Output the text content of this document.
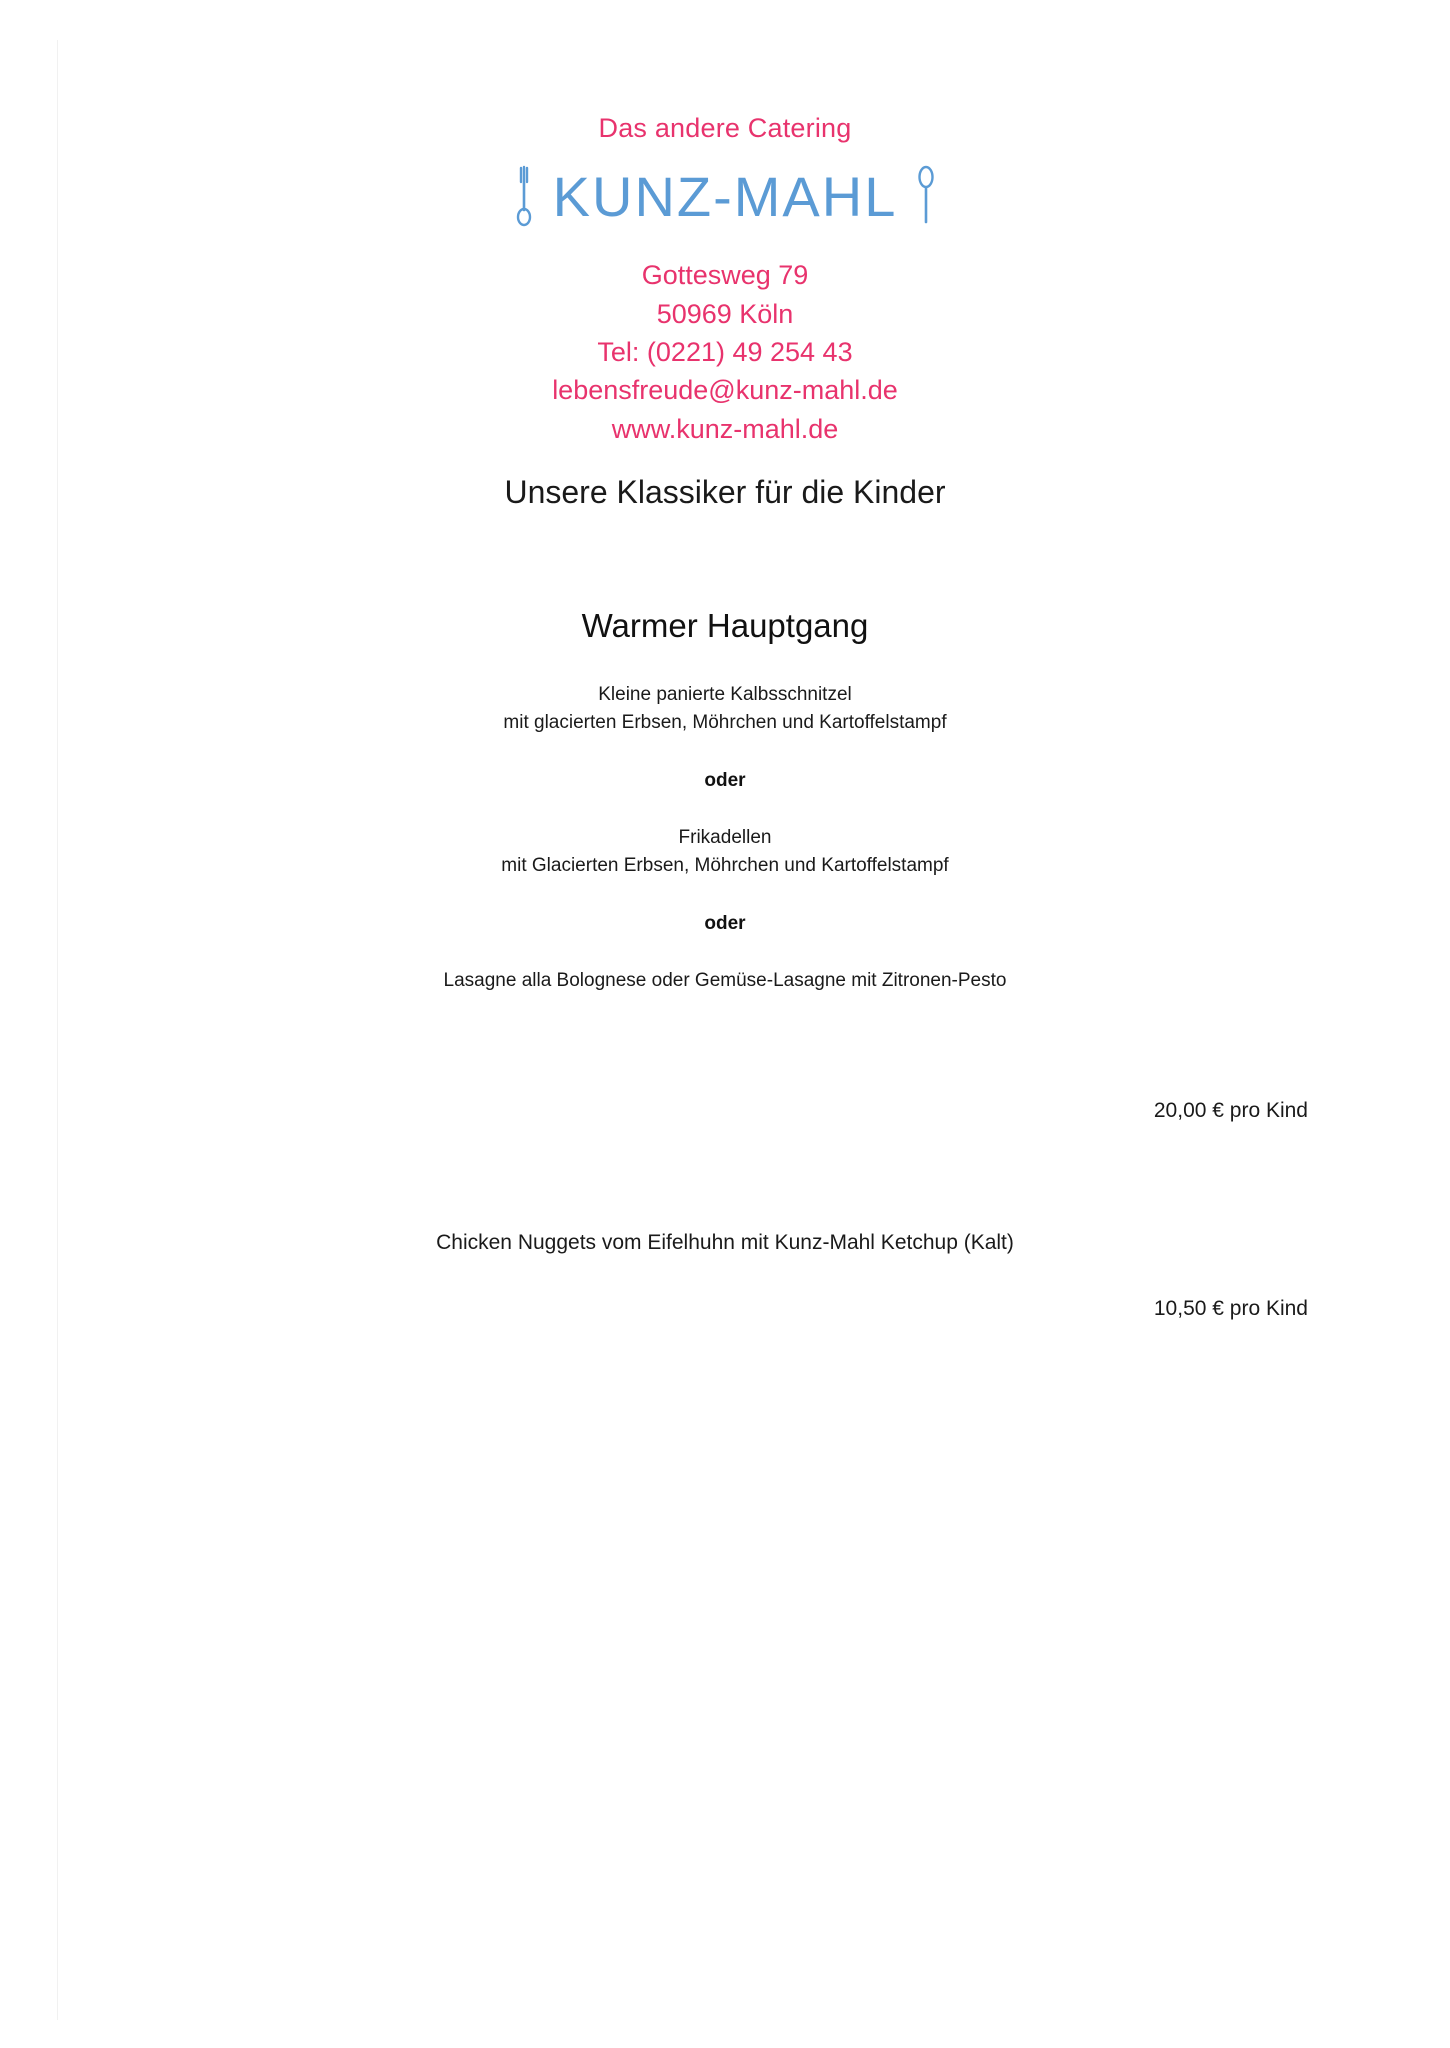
Das andere Catering
KUNZ-MAHL
Gottesweg 79
50969 Köln
Tel: (0221) 49 254 43
lebensfreude@kunz-mahl.de
www.kunz-mahl.de
Unsere Klassiker für die Kinder
Warmer Hauptgang
Kleine panierte Kalbsschnitzel
mit glacierten Erbsen, Möhrchen und Kartoffelstampf
oder
Frikadellen
mit Glacierten Erbsen, Möhrchen und Kartoffelstampf
oder
Lasagne alla Bolognese oder Gemüse-Lasagne mit Zitronen-Pesto
20,00 € pro Kind
Chicken Nuggets vom Eifelhuhn mit Kunz-Mahl Ketchup (Kalt)
10,50 € pro Kind
